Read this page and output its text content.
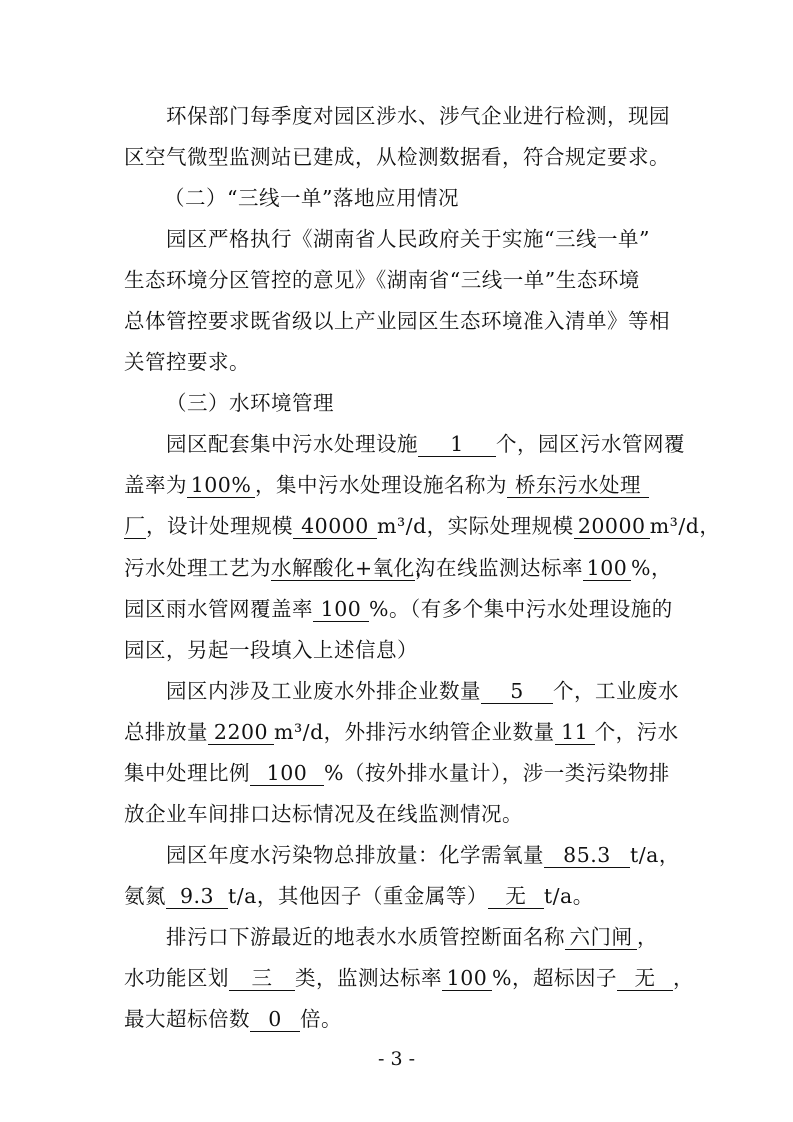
环保部门每季度对园区涉水、涉气企业进行检测，现园
区空气微型监测站已建成，从检测数据看，符合规定要求。
（二）“三线一单”落地应用情况
园区严格执行《湖南省人民政府关于实施“三线一单”
生态环境分区管控的意见》《湖南省“三线一单”生态环境
总体管控要求既省级以上产业园区生态环境准入清单》等相
关管控要求。
（三）水环境管理
园区配套集中污水处理设施 1 个，园区污水管网覆
盖率为 100% ，集中污水处理设施名称为 桥东污水处理
厂，设计处理规模 40000 m³/d，实际处理规模 20000 m³/d，
污水处理工艺为水解酸化+氧化沟，在线监测达标率 100 %，
园区雨水管网覆盖率 100 %。（有多个集中污水处理设施的
园区，另起一段填入上述信息）
园区内涉及工业废水外排企业数量 5 个，工业废水
总排放量 2200 m³/d，外排污水纳管企业数量 11 个，污水
集中处理比例 100 %（按外排水量计），涉一类污染物排
放企业车间排口达标情况及在线监测情况。
园区年度水污染物总排放量：化学需氧量 85.3 t/a，
氨氮 9.3 t/a，其他因子（重金属等） 无 t/a。
排污口下游最近的地表水水质管控断面名称 六门闸 ，
- 3 -
水功能区划 三 类，监测达标率 100 %，超标因子 无 ，
最大超标倍数 0 倍。
